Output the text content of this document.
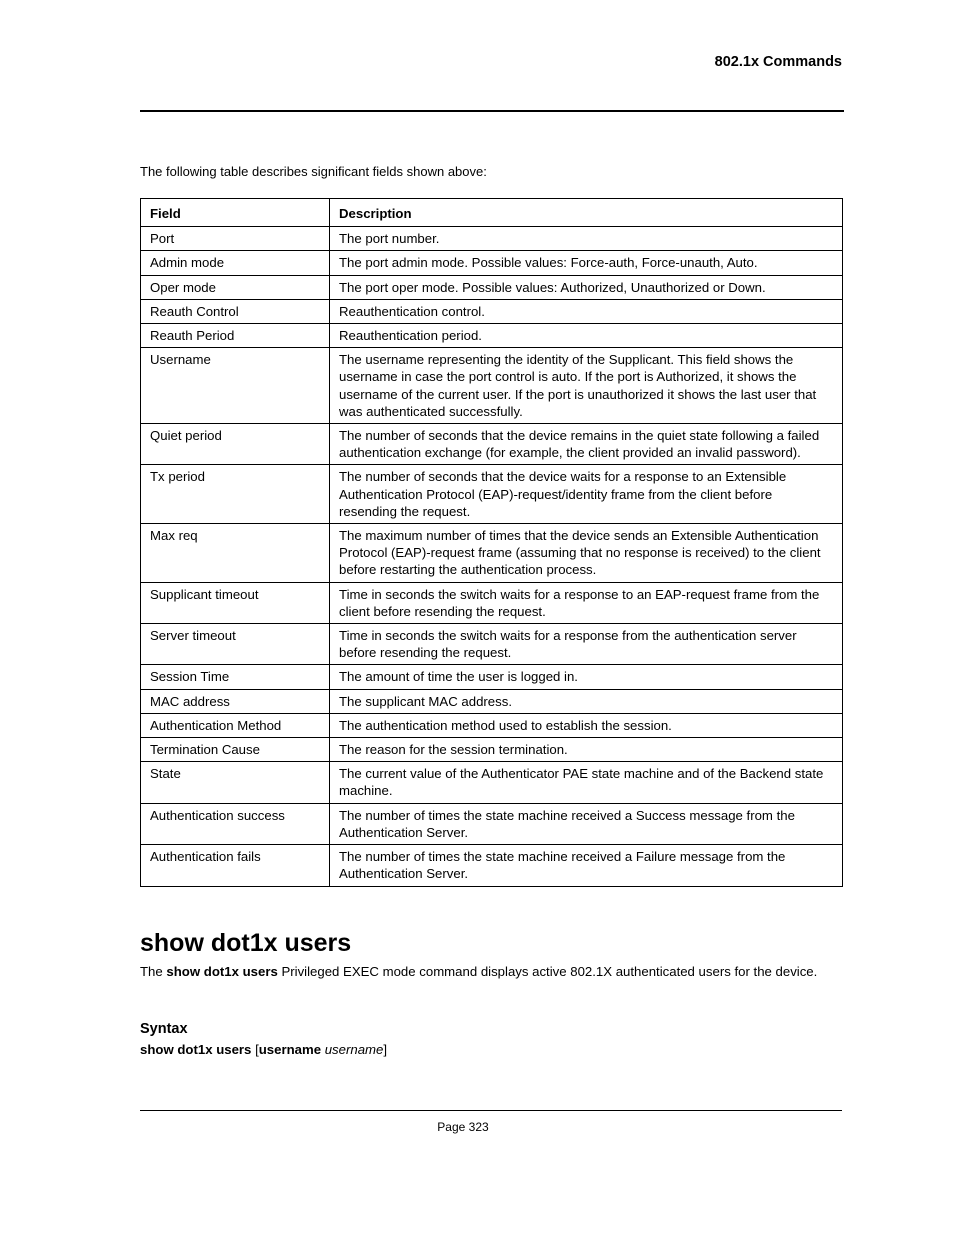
802.1x Commands
The following table describes significant fields shown above:
Field	Description
Port	The port number.
Admin mode	The port admin mode. Possible values: Force-auth, Force-unauth, Auto.
Oper mode	The port oper mode. Possible values: Authorized, Unauthorized or Down.
Reauth Control	Reauthentication control.
Reauth Period	Reauthentication period.
Username	The username representing the identity of the Supplicant. This field shows the username in case the port control is auto. If the port is Authorized, it shows the username of the current user. If the port is unauthorized it shows the last user that was authenticated successfully.
Quiet period	The number of seconds that the device remains in the quiet state following a failed authentication exchange (for example, the client provided an invalid password).
Tx period	The number of seconds that the device waits for a response to an Extensible Authentication Protocol (EAP)-request/identity frame from the client before resending the request.
Max req	The maximum number of times that the device sends an Extensible Authentication Protocol (EAP)-request frame (assuming that no response is received) to the client before restarting the authentication process.
Supplicant timeout	Time in seconds the switch waits for a response to an EAP-request frame from the client before resending the request.
Server timeout	Time in seconds the switch waits for a response from the authentication server before resending the request.
Session Time	The amount of time the user is logged in.
MAC address	The supplicant MAC address.
Authentication Method	The authentication method used to establish the session.
Termination Cause	The reason for the session termination.
State	The current value of the Authenticator PAE state machine and of the Backend state machine.
Authentication success	The number of times the state machine received a Success message from the Authentication Server.
Authentication fails	The number of times the state machine received a Failure message from the Authentication Server.
show dot1x users
The show dot1x users Privileged EXEC mode command displays active 802.1X authenticated users for the device.
Syntax
show dot1x users [username username]
Page 323
